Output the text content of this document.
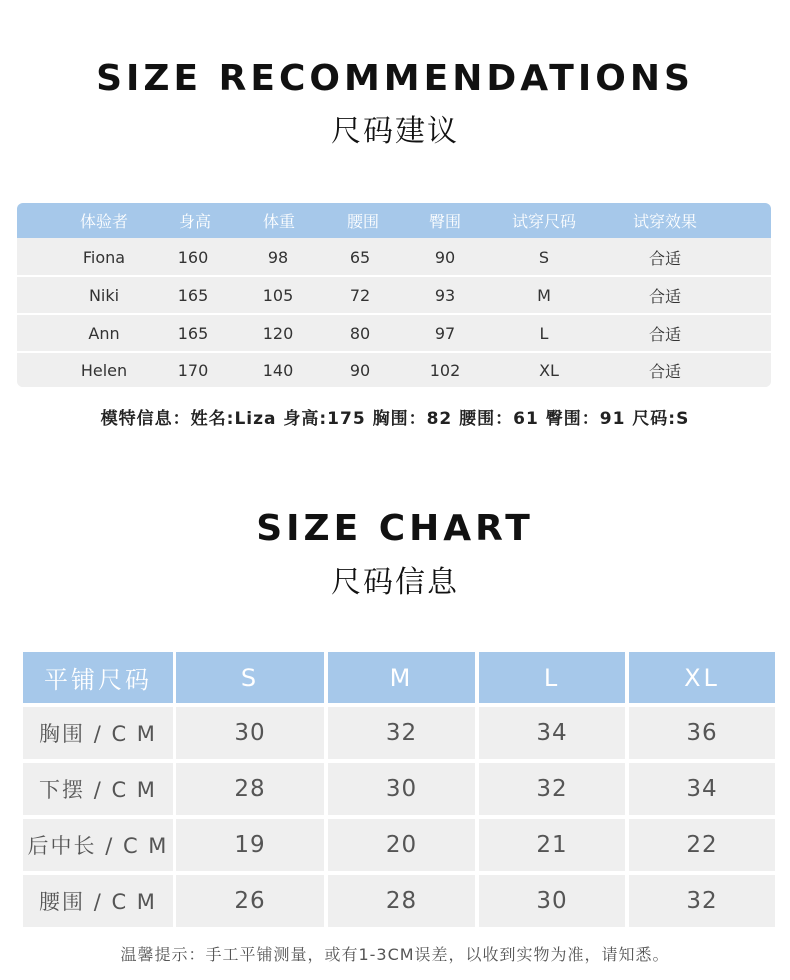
SIZE RECOMMENDATIONS
尺码建议
体验者	身高	体重	腰围	臀围	试穿尺码	试穿效果
Fiona	160	98	65	90	S	合适
Niki	165	105	72	93	M	合适
Ann	165	120	80	97	L	合适
Helen	170	140	90	102	XL	合适
模特信息：姓名:Liza 身高:175 胸围：82 腰围：61 臀围：91 尺码:S
SIZE CHART
尺码信息
平铺尺码	S	M	L	XL
胸围 / C M	30	32	34	36
下摆 / C M	28	30	32	34
后中长 / C M	19	20	21	22
腰围 / C M	26	28	30	32
温馨提示：手工平铺测量，或有1-3CM误差，以收到实物为准，请知悉。
